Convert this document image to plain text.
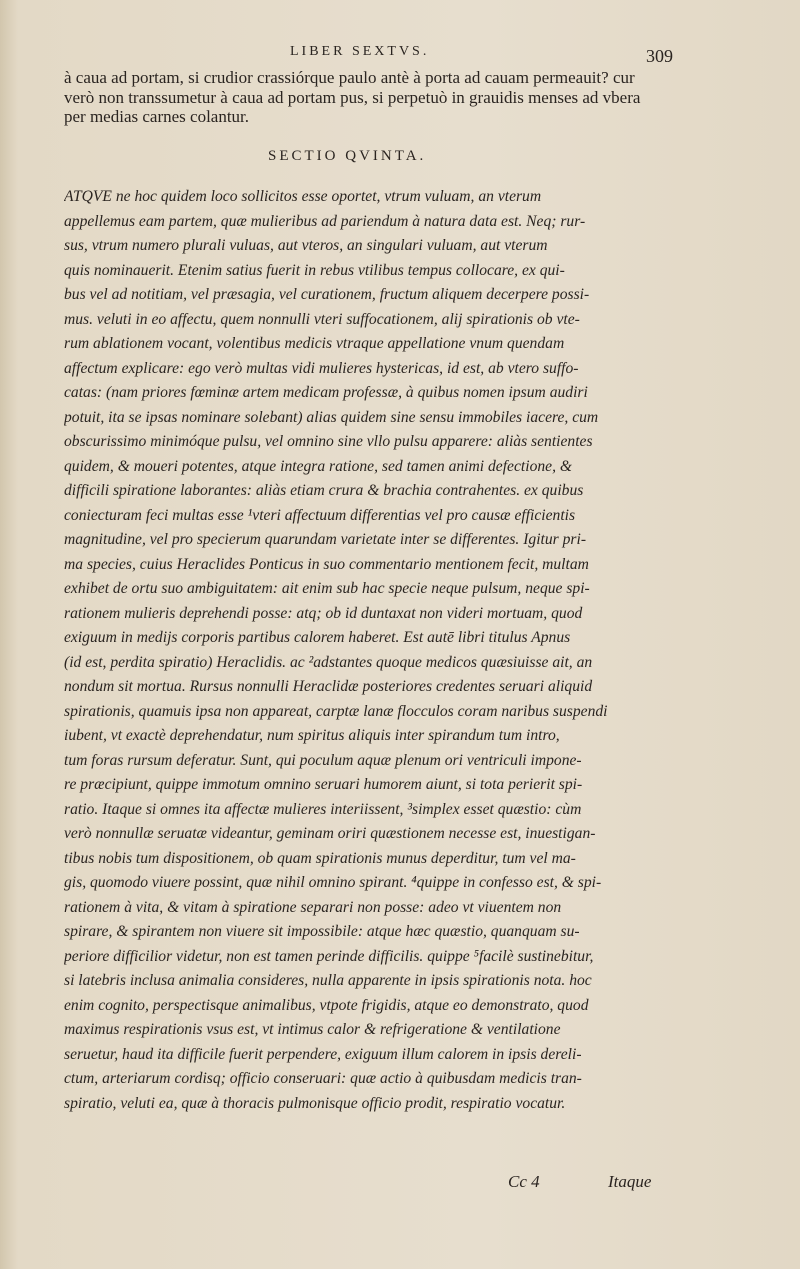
LIBER SEXTVS.	309
à caua ad portam, si crudior crassiórque paulo antè à porta ad cauam permeauit? cur
verò non transsumetur à caua ad portam pus, si perpetuò in grauidis menses ad vbera
per medias carnes colantur.
SECTIO QVINTA.
ATQVE ne hoc quidem loco sollicitos esse oportet, vtrum vuluam, an vterum
appellemus eam partem, quæ mulieribus ad pariendum à natura data est. Neq; rur-
sus, vtrum numero plurali vuluas, aut vteros, an singulari vuluam, aut vterum
quis nominauerit. Etenim satius fuerit in rebus vtilibus tempus collocare, ex qui-
bus vel ad notitiam, vel præsagia, vel curationem, fructum aliquem decerpere possi-
mus. veluti in eo affectu, quem nonnulli vteri suffocationem, alij spirationis ob vte-
rum ablationem vocant, volentibus medicis vtraque appellatione vnum quendam
affectum explicare: ego verò multas vidi mulieres hystericas, id est, ab vtero suffo-
catas: (nam priores fœminæ artem medicam professæ, à quibus nomen ipsum audiri
potuit, ita se ipsas nominare solebant) alias quidem sine sensu immobiles iacere, cum
obscurissimo minimóque pulsu, vel omnino sine vllo pulsu apparere: aliàs sentientes
quidem, & moueri potentes, atque integra ratione, sed tamen animi defectione, &
difficili spiratione laborantes: aliàs etiam crura & brachia contrahentes. ex quibus
coniecturam feci multas esse ¹vteri affectuum differentias vel pro causæ efficientis
magnitudine, vel pro specierum quarundam varietate inter se differentes. Igitur pri-
ma species, cuius Heraclides Ponticus in suo commentario mentionem fecit, multam
exhibet de ortu suo ambiguitatem: ait enim sub hac specie neque pulsum, neque spi-
rationem mulieris deprehendi posse: atq; ob id duntaxat non videri mortuam, quod
exiguum in medijs corporis partibus calorem haberet. Est autē libri titulus Apnus
(id est, perdita spiratio) Heraclidis. ac ²adstantes quoque medicos quæsiuisse ait, an
nondum sit mortua. Rursus nonnulli Heraclidæ posteriores credentes seruari aliquid
spirationis, quamuis ipsa non appareat, carptæ lanæ flocculos coram naribus suspendi
iubent, vt exactè deprehendatur, num spiritus aliquis inter spirandum tum intro,
tum foras rursum deferatur. Sunt, qui poculum aquæ plenum ori ventriculi impone-
re præcipiunt, quippe immotum omnino seruari humorem aiunt, si tota perierit spi-
ratio. Itaque si omnes ita affectæ mulieres interiissent, ³simplex esset quæstio: cùm
verò nonnullæ seruatæ videantur, geminam oriri quæstionem necesse est, inuestigan-
tibus nobis tum dispositionem, ob quam spirationis munus deperditur, tum vel ma-
gis, quomodo viuere possint, quæ nihil omnino spirant. ⁴quippe in confesso est, & spi-
rationem à vita, & vitam à spiratione separari non posse: adeo vt viuentem non
spirare, & spirantem non viuere sit impossibile: atque hæc quæstio, quanquam su-
periore difficilior videtur, non est tamen perinde difficilis. quippe ⁵facilè sustinebitur,
si latebris inclusa animalia consideres, nulla apparente in ipsis spirationis nota. hoc
enim cognito, perspectisque animalibus, vtpote frigidis, atque eo demonstrato, quod
maximus respirationis vsus est, vt intimus calor & refrigeratione & ventilatione
seruetur, haud ita difficile fuerit perpendere, exiguum illum calorem in ipsis dereli-
ctum, arteriarum cordisq; officio conseruari: quæ actio à quibusdam medicis tran-
spiratio, veluti ea, quæ à thoracis pulmonisque officio prodit, respiratio vocatur.
Cc 4	Itaque
